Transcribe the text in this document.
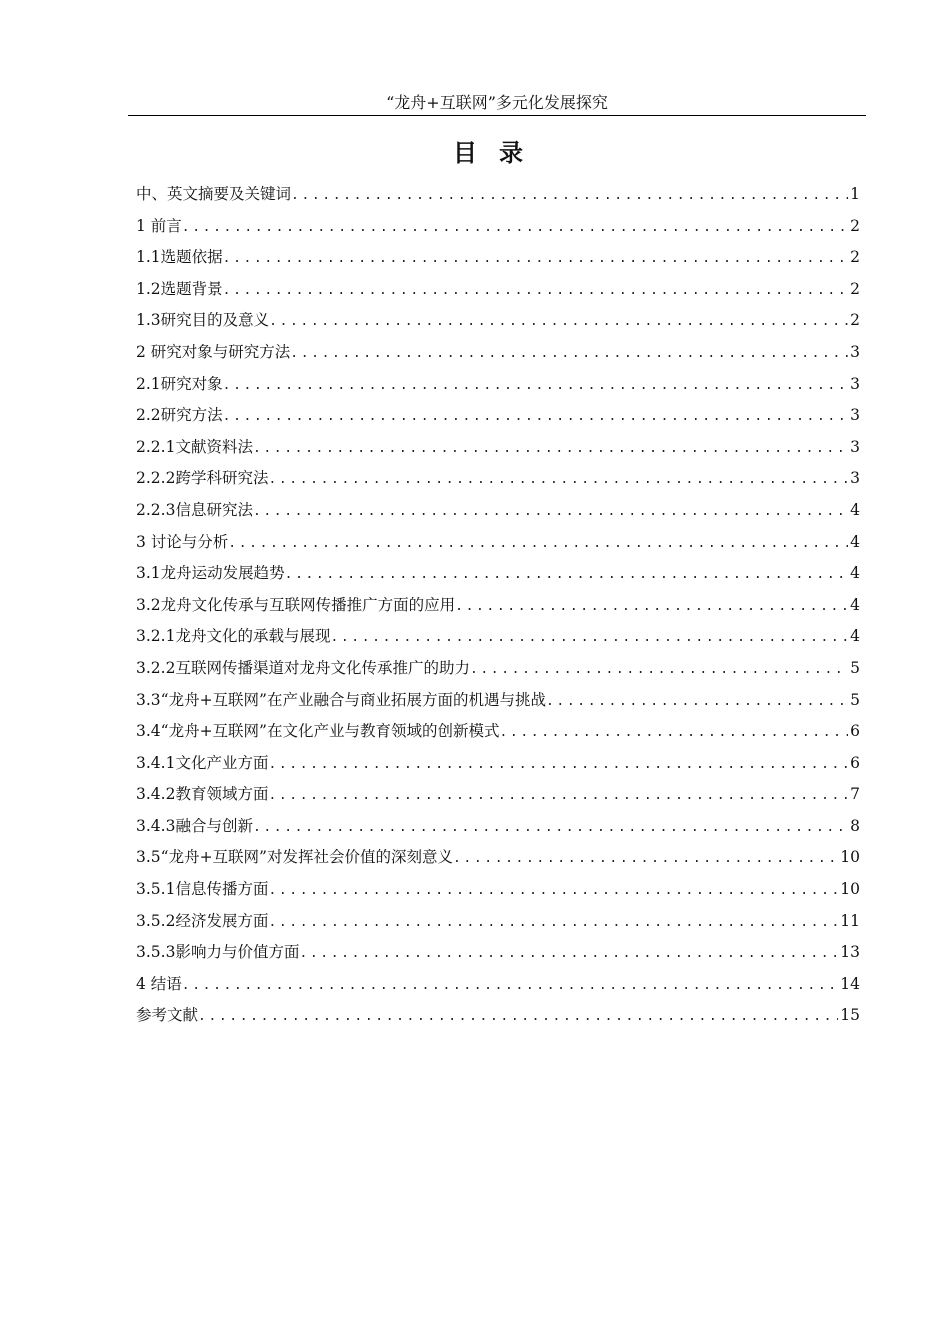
“龙舟+互联网”多元化发展探究
目录
中、英文摘要及关键词 .....	1
1 前言 .....	2
1.1选题依据 .....	2
1.2选题背景 .....	2
1.3研究目的及意义 .....	2
2 研究对象与研究方法 .....	3
2.1研究对象 .....	3
2.2研究方法 .....	3
2.2.1文献资料法 .....	3
2.2.2跨学科研究法 .....	3
2.2.3信息研究法 .....	4
3 讨论与分析 .....	4
3.1龙舟运动发展趋势 .....	4
3.2龙舟文化传承与互联网传播推广方面的应用 .....	4
3.2.1龙舟文化的承载与展现 .....	4
3.2.2互联网传播渠道对龙舟文化传承推广的助力 .....	5
3.3“龙舟+互联网”在产业融合与商业拓展方面的机遇与挑战 .....	5
3.4“龙舟+互联网”在文化产业与教育领域的创新模式 .....	6
3.4.1文化产业方面 .....	6
3.4.2教育领域方面 .....	7
3.4.3融合与创新 .....	8
3.5“龙舟+互联网”对发挥社会价值的深刻意义 .....	10
3.5.1信息传播方面 .....	10
3.5.2经济发展方面 .....	11
3.5.3影响力与价值方面 .....	13
4 结语 .....	14
参考文献 .....	15
